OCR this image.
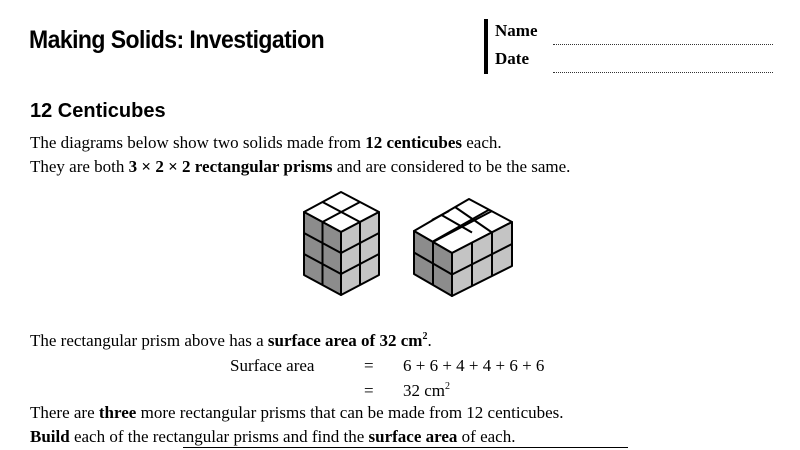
Making Solids: Investigation	Name
Date
12 Centicubes
The diagrams below show two solids made from 12 centicubes each.
They are both 3 × 2 × 2 rectangular prisms and are considered to be the same.
The rectangular prism above has a surface area of 32 $cm^2$.
Surface area	= 6 + 6 + 4 + 4 + 6 + 6
= 32 $cm^2$
There are three more rectangular prisms that can be made from 12 centicubes.
Build each of the rectangular prisms and find the surface area of each.
